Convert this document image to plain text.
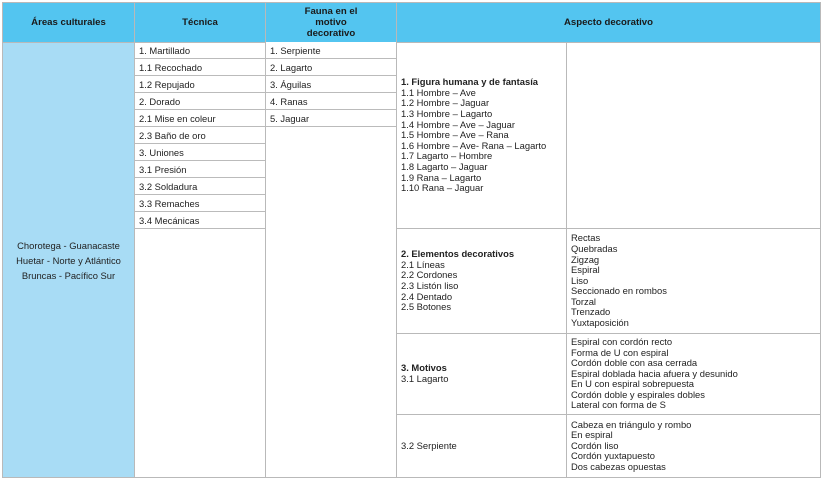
Áreas culturales	Técnica
Fauna en el motivo decorativo
Aspecto decorativo
Chorotega - Guanacaste
Huetar - Norte y Atlántico
Bruncas - Pacífico Sur
1. Martillado
1.1 Recochado
1.2 Repujado
2. Dorado
2.1 Mise en coleur
2.3 Baño de oro
3. Uniones
3.1 Presión
3.2 Soldadura
3.3 Remaches
3.4 Mecánicas
1. Serpiente
2. Lagarto
3. Águilas
4. Ranas
5. Jaguar
1. Figura humana y de fantasía
1.1 Hombre – Ave
1.2 Hombre – Jaguar
1.3 Hombre – Lagarto
1.4 Hombre – Ave – Jaguar
1.5 Hombre – Ave – Rana
1.6 Hombre – Ave- Rana – Lagarto
1.7 Lagarto – Hombre
1.8 Lagarto – Jaguar
1.9 Rana – Lagarto
1.10 Rana – Jaguar
2. Elementos decorativos
2.1 Líneas
2.2 Cordones
2.3 Listón liso
2.4 Dentado
2.5 Botones
Rectas
Quebradas
Zigzag
Espiral
Liso
Seccionado en rombos
Torzal
Trenzado
Yuxtaposición
3. Motivos
3.1 Lagarto
Espiral con cordón recto
Forma de U con espiral
Cordón doble con asa cerrada
Espiral doblada hacia afuera y desunido
En U con espiral sobrepuesta
Cordón doble y espirales dobles
Lateral con forma de S
3.2 Serpiente
Cabeza en triángulo y rombo
En espiral
Cordón liso
Cordón yuxtapuesto
Dos cabezas opuestas
